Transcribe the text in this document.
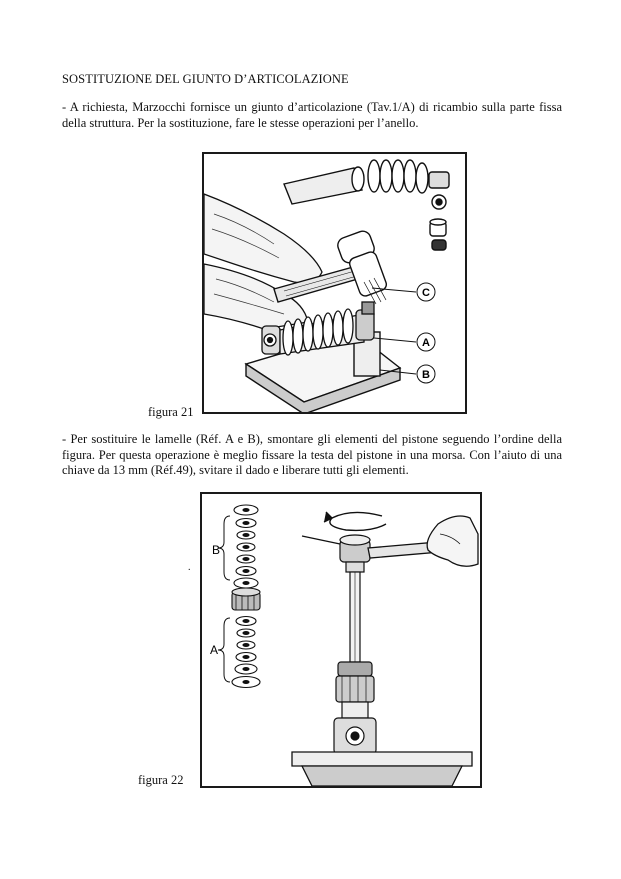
SOSTITUZIONE DEL GIUNTO D’ARTICOLAZIONE

- A richiesta, Marzocchi fornisce un giunto d’articolazione (Tav.1/A) di ricambio sulla parte fissa della struttura. Per la sostituzione, fare le stesse operazioni per l’anello.

C
A
B
figura 21

- Per sostituire le lamelle (Réf. A e B), smontare gli elementi del pistone seguendo l’ordine della figura. Per questa operazione è meglio fissare la testa del pistone in una morsa. Con l’aiuto di una chiave da 13 mm (Réf.49), svitare il dado e liberare tutti gli elementi.

.
B
A
figura 22
